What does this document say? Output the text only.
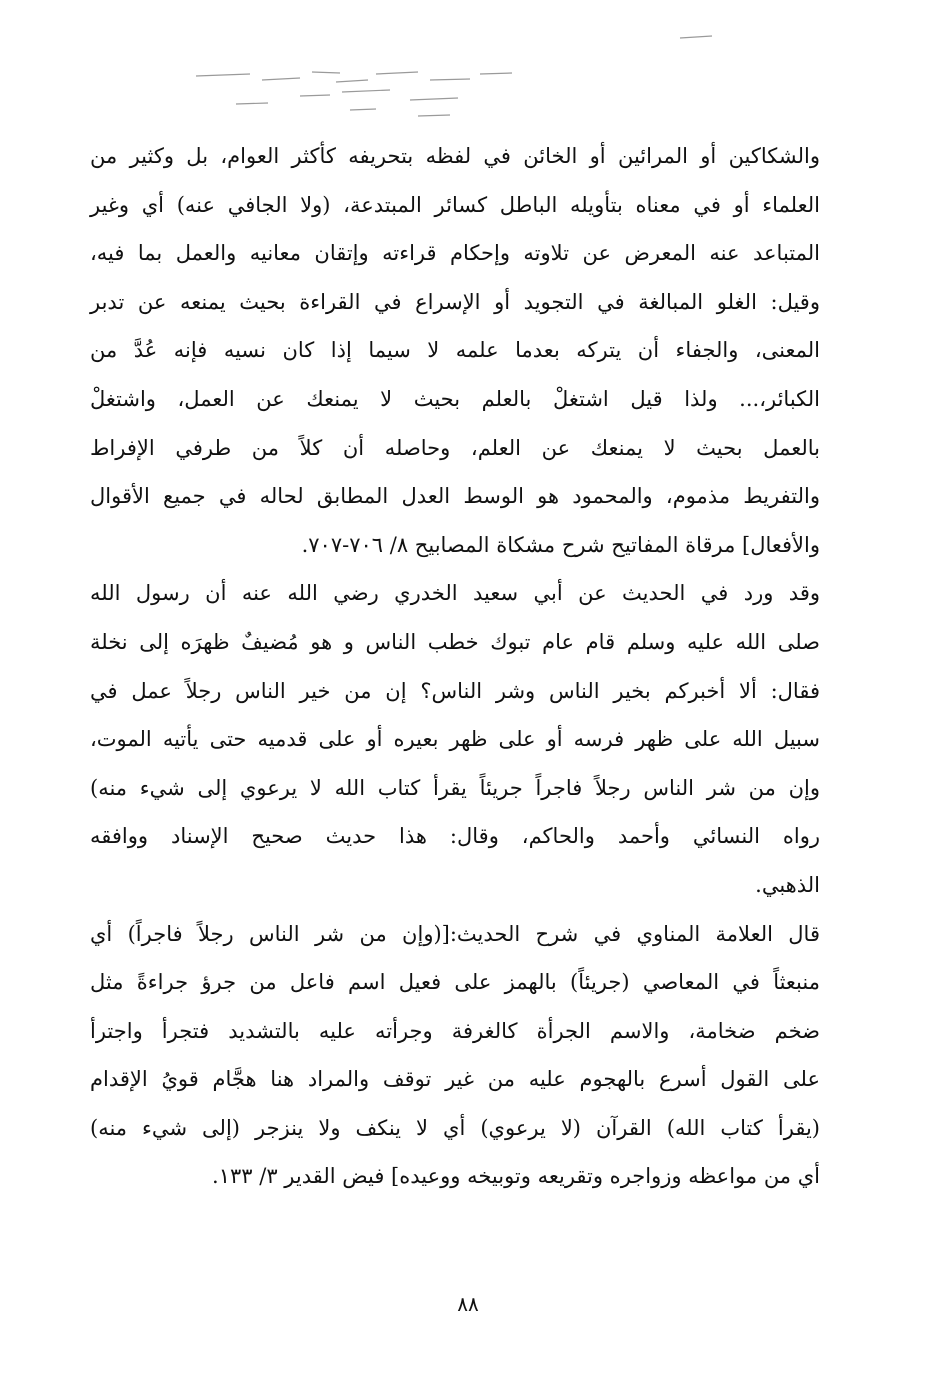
والشكاكين أو المرائين أو الخائن في لفظه بتحريفه كأكثر العوام، بل وكثير من
العلماء أو في معناه بتأويله الباطل كسائر المبتدعة، (ولا الجافي عنه) أي وغير
المتباعد عنه المعرض عن تلاوته وإحكام قراءته وإتقان معانيه والعمل بما فيه،
وقيل: الغلو المبالغة في التجويد أو الإسراع في القراءة بحيث يمنعه عن تدبر
المعنى، والجفاء أن يتركه بعدما علمه لا سيما إذا كان نسيه فإنه عُدَّ من
الكبائر،... ولذا قيل اشتغلْ بالعلم بحيث لا يمنعك عن العمل، واشتغلْ
بالعمل بحيث لا يمنعك عن العلم، وحاصله أن كلاً من طرفي الإفراط
والتفريط مذموم، والمحمود هو الوسط العدل المطابق لحاله في جميع الأقوال
والأفعال] مرقاة المفاتيح شرح مشكاة المصابيح ٨/ ٧٠٦-٧٠٧.
وقد ورد في الحديث عن أبي سعيد الخدري رضي الله عنه أن رسول الله
صلى الله عليه وسلم قام عام تبوك خطب الناس و هو مُضيفٌ ظهرَه إلى نخلة
فقال: ألا أخبركم بخير الناس وشر الناس؟ إن من خير الناس رجلاً عمل في
سبيل الله على ظهر فرسه أو على ظهر بعيره أو على قدميه حتى يأتيه الموت،
وإن من شر الناس رجلاً فاجراً جريئاً يقرأ كتاب الله لا يرعوي إلى شيء منه)
رواه النسائي وأحمد والحاكم، وقال: هذا حديث صحيح الإسناد ووافقه
الذهبي.
قال العلامة المناوي في شرح الحديث:[(وإن من شر الناس رجلاً فاجراً) أي
منبعثاً في المعاصي (جريئاً) بالهمز على فعيل اسم فاعل من جرؤ جراءةً مثل
ضخم ضخامة، والاسم الجرأة كالغرفة وجرأته عليه بالتشديد فتجرأ واجترأ
على القول أسرع بالهجوم عليه من غير توقف والمراد هنا هجَّام قويُ الإقدام
(يقرأ كتاب الله) القرآن (لا يرعوي) أي لا ينكف ولا ينزجر (إلى شيء منه)
أي من مواعظه وزواجره وتقريعه وتوبيخه ووعيده] فيض القدير ٣/ ١٣٣.
٨٨
